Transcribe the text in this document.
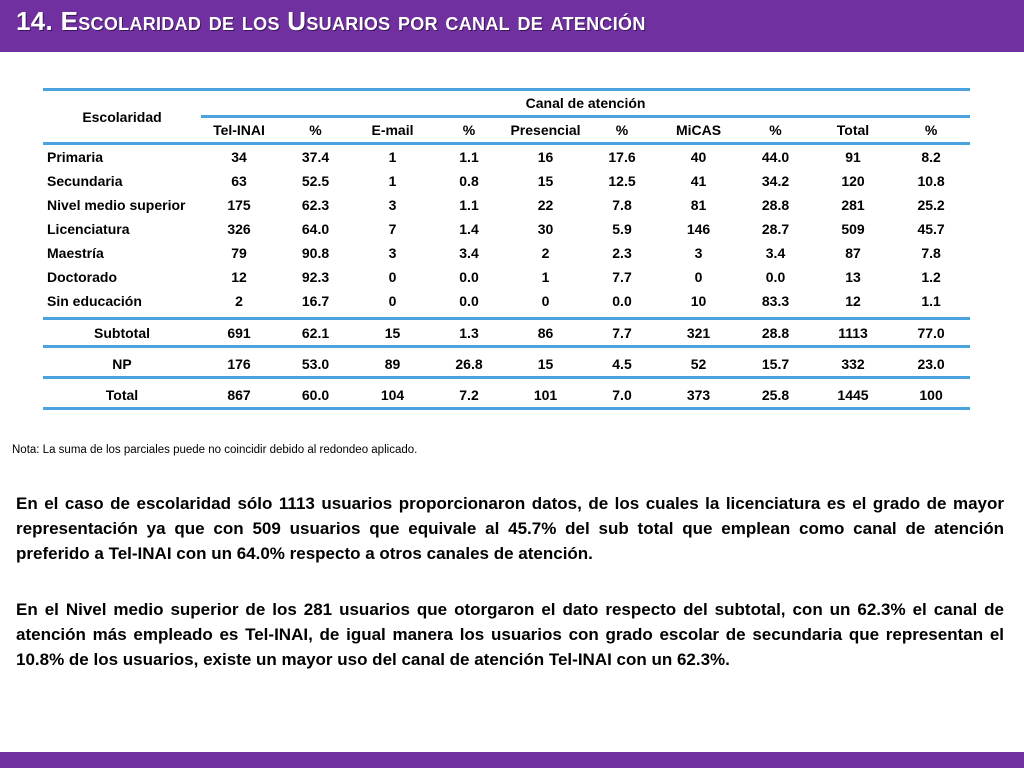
14. Escolaridad de los Usuarios por canal de atención
Escolaridad	Canal de atención									
	Tel-INAI	%	E-mail	%	Presencial	%	MiCAS	%	Total	%
Primaria	34	37.4	1	1.1	16	17.6	40	44.0	91	8.2
Secundaria	63	52.5	1	0.8	15	12.5	41	34.2	120	10.8
Nivel medio superior	175	62.3	3	1.1	22	7.8	81	28.8	281	25.2
Licenciatura	326	64.0	7	1.4	30	5.9	146	28.7	509	45.7
Maestría	79	90.8	3	3.4	2	2.3	3	3.4	87	7.8
Doctorado	12	92.3	0	0.0	1	7.7	0	0.0	13	1.2
Sin educación	2	16.7	0	0.0	0	0.0	10	83.3	12	1.1

Subtotal	691	62.1	15	1.3	86	7.7	321	28.8	1113	77.0

NP	176	53.0	89	26.8	15	4.5	52	15.7	332	23.0

Total	867	60.0	104	7.2	101	7.0	373	25.8	1445	100
Nota: La suma de los parciales puede no coincidir debido al redondeo aplicado.

En el caso de escolaridad sólo 1113 usuarios proporcionaron datos, de los cuales la licenciatura es el grado de mayor representación ya que con 509 usuarios que equivale al 45.7% del sub total que emplean como canal de atención preferido a Tel-INAI con un 64.0% respecto a otros canales de atención.

En el Nivel medio superior de los 281 usuarios que otorgaron el dato respecto del subtotal, con un 62.3% el canal de atención más empleado es Tel-INAI, de igual manera los usuarios con grado escolar de secundaria que representan el 10.8% de los usuarios, existe un mayor uso del canal de atención Tel-INAI con un 62.3%.
